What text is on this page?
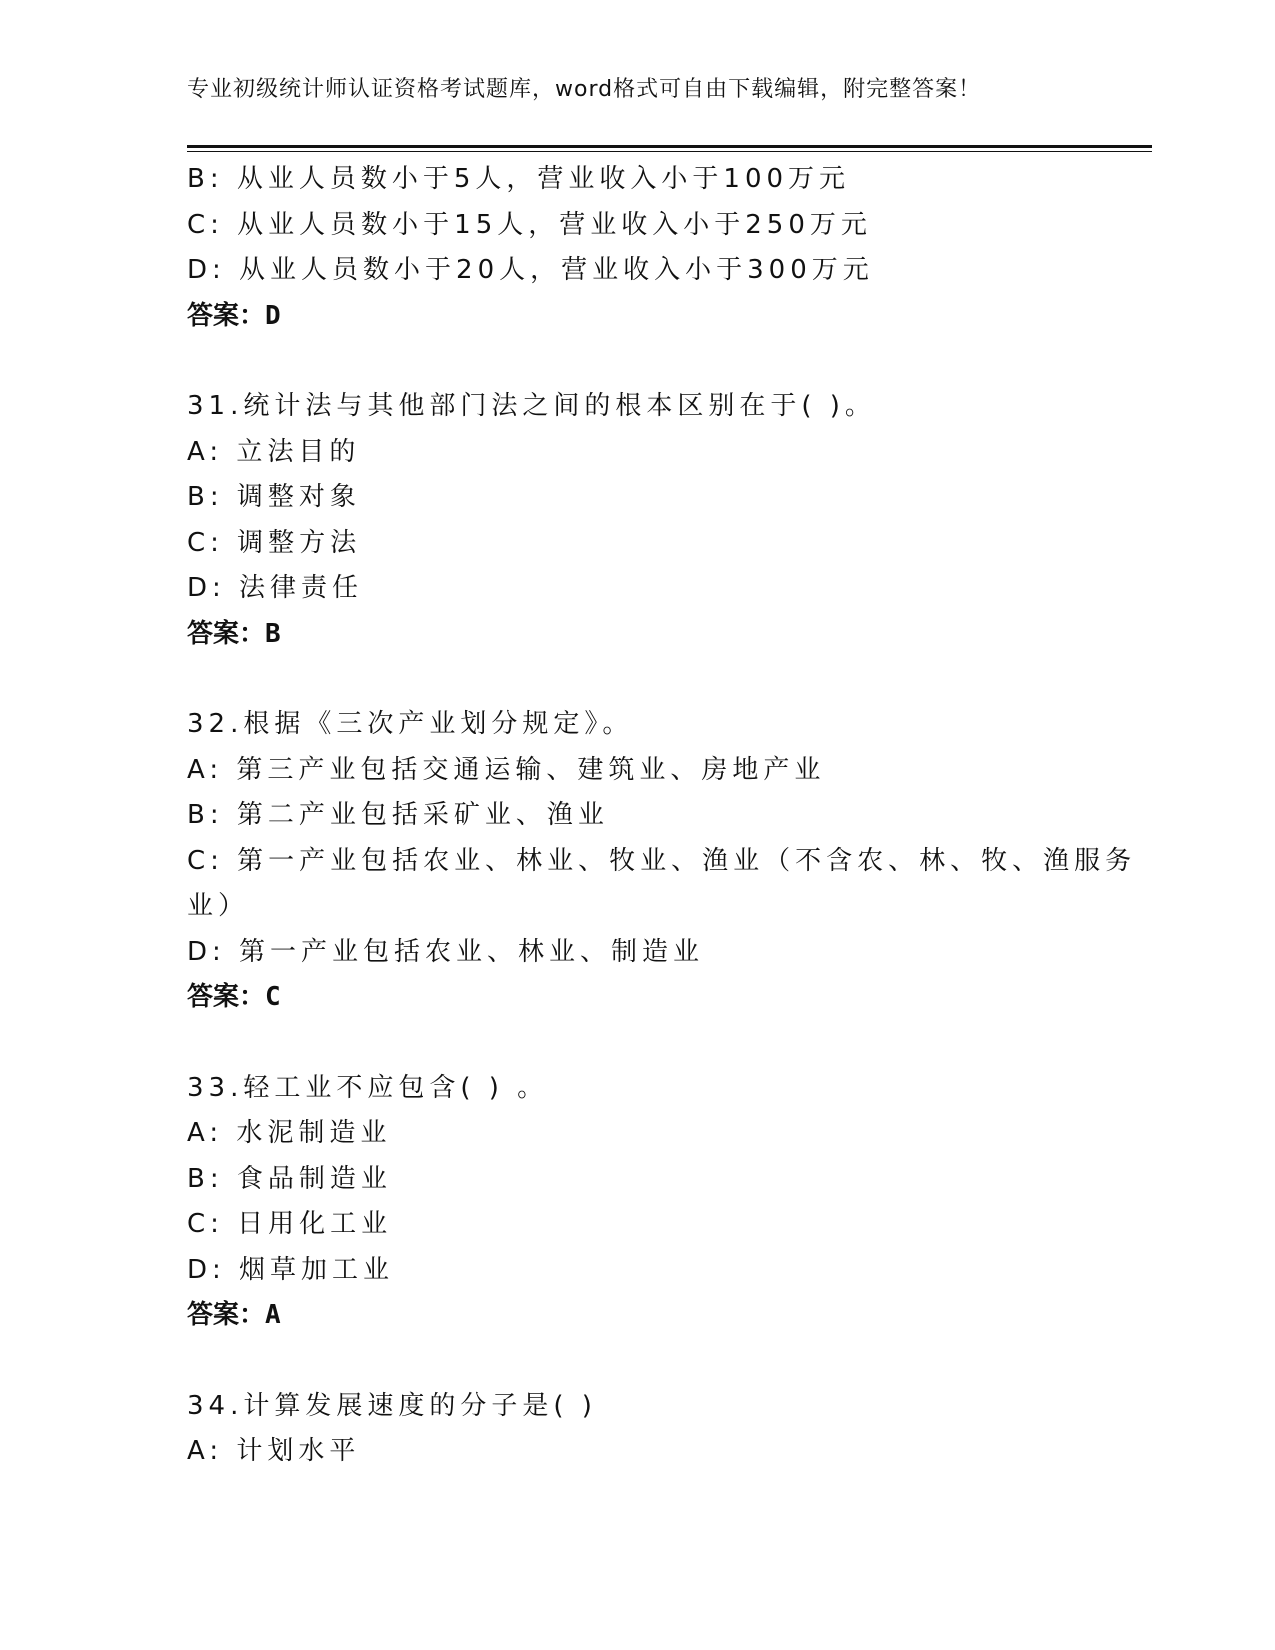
专业初级统计师认证资格考试题库，word格式可自由下载编辑，附完整答案！
B: 从业人员数小于5人，营业收入小于100万元
C: 从业人员数小于15人，营业收入小于250万元
D: 从业人员数小于20人，营业收入小于300万元
答案：D
31.统计法与其他部门法之间的根本区别在于( )。
A: 立法目的
B: 调整对象
C: 调整方法
D: 法律责任
答案：B
32.根据《三次产业划分规定》。
A: 第三产业包括交通运输、建筑业、房地产业
B: 第二产业包括采矿业、渔业
C: 第一产业包括农业、林业、牧业、渔业（不含农、林、牧、渔服务
业）
D: 第一产业包括农业、林业、制造业
答案：C
33.轻工业不应包含( ) 。
A: 水泥制造业
B: 食品制造业
C: 日用化工业
D: 烟草加工业
答案：A
34.计算发展速度的分子是( )
A: 计划水平
